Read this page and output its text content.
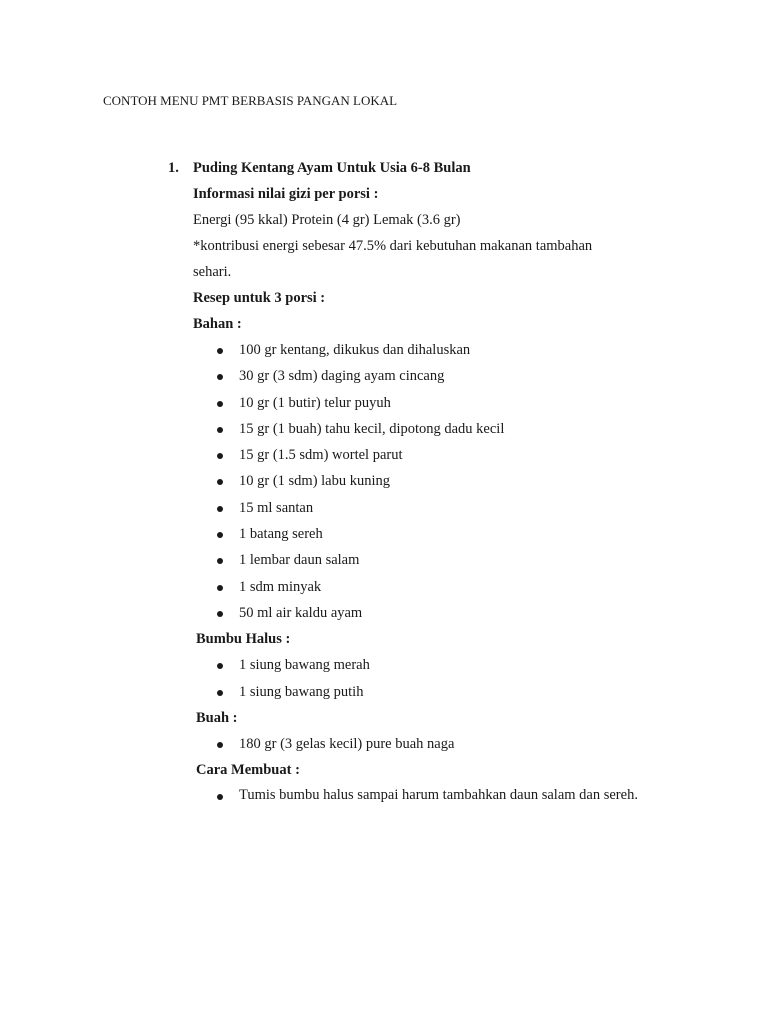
CONTOH MENU PMT BERBASIS PANGAN LOKAL
1. Puding Kentang Ayam Untuk Usia 6-8 Bulan
Informasi nilai gizi per porsi :
Energi (95 kkal) Protein (4 gr) Lemak (3.6 gr)
*kontribusi energi sebesar 47.5% dari kebutuhan makanan tambahan
sehari.
Resep untuk 3 porsi :
Bahan :
100 gr kentang, dikukus dan dihaluskan
30 gr (3 sdm) daging ayam cincang
10 gr (1 butir) telur puyuh
15 gr (1 buah) tahu kecil, dipotong dadu kecil
15 gr (1.5 sdm) wortel parut
10 gr (1 sdm) labu kuning
15 ml santan
1 batang sereh
1 lembar daun salam
1 sdm minyak
50 ml air kaldu ayam
Bumbu Halus :
1 siung bawang merah
1 siung bawang putih
Buah :
180 gr (3 gelas kecil) pure buah naga
Cara Membuat :
Tumis bumbu halus sampai harum tambahkan daun salam dan sereh.
